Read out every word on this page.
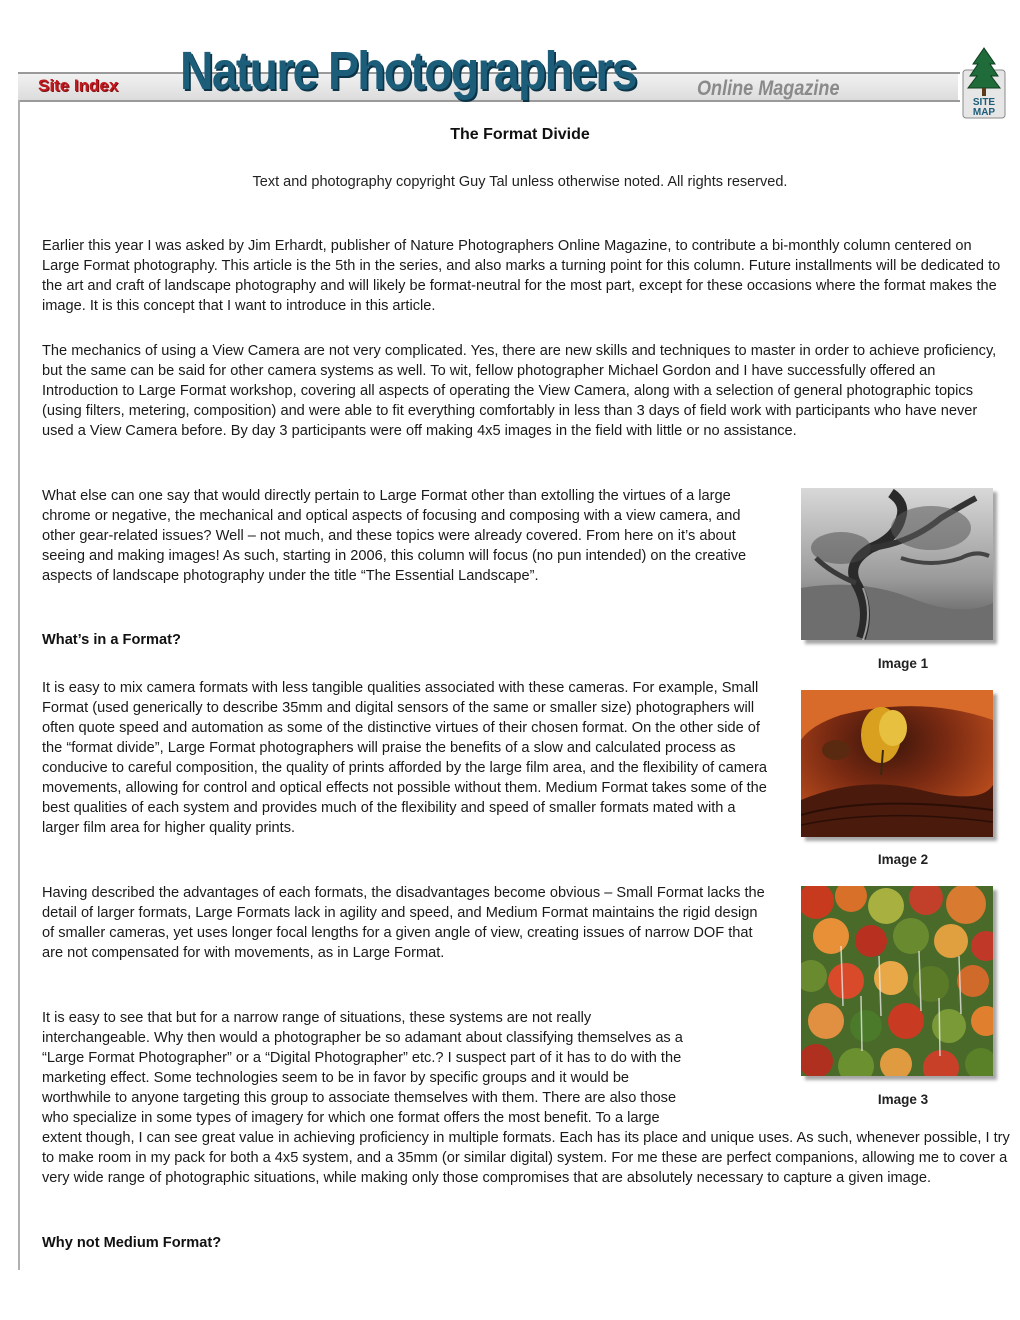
Site Index Nature Photographers	Online Magazine
SITE
MAP
The Format Divide
Text and photography copyright Guy Tal unless otherwise noted. All rights reserved.

Earlier this year I was asked by Jim Erhardt, publisher of Nature Photographers Online Magazine, to contribute a bi-monthly column centered on Large Format photography. This article is the 5th in the series, and also marks a turning point for this column. Future installments will be dedicated to the art and craft of landscape photography and will likely be format-neutral for the most part, except for these occasions where the format makes the image. It is this concept that I want to introduce in this article.

The mechanics of using a View Camera are not very complicated. Yes, there are new skills and techniques to master in order to achieve proficiency, but the same can be said for other camera systems as well. To wit, fellow photographer Michael Gordon and I have successfully offered an Introduction to Large Format workshop, covering all aspects of operating the View Camera, along with a selection of general photographic topics (using filters, metering, composition) and were able to fit everything comfortably in less than 3 days of field work with participants who have never used a View Camera before. By day 3 participants were off making 4x5 images in the field with little or no assistance.

What else can one say that would directly pertain to Large Format other than extolling the virtues of a large chrome or negative, the mechanical and optical aspects of focusing and composing with a view camera, and other gear-related issues? Well – not much, and these topics were already covered. From here on it’s about seeing and making images! As such, starting in 2006, this column will focus (no pun intended) on the creative aspects of landscape photography under the title “The Essential Landscape”.

What’s in a Format?

It is easy to mix camera formats with less tangible qualities associated with these cameras. For example, Small Format (used generically to describe 35mm and digital sensors of the same or smaller size) photographers will often quote speed and automation as some of the distinctive virtues of their chosen format. On the other side of the “format divide”, Large Format photographers will praise the benefits of a slow and calculated process as conducive to careful composition, the quality of prints afforded by the large film area, and the flexibility of camera movements, allowing for control and optical effects not possible without them. Medium Format takes some of the best qualities of each system and provides much of the flexibility and speed of smaller formats mated with a larger film area for higher quality prints.

Having described the advantages of each formats, the disadvantages become obvious – Small Format lacks the detail of larger formats, Large Formats lack in agility and speed, and Medium Format maintains the rigid design of smaller cameras, yet uses longer focal lengths for a given angle of view, creating issues of narrow DOF that are not compensated for with movements, as in Large Format.

It is easy to see that but for a narrow range of situations, these systems are not really
interchangeable. Why then would a photographer be so adamant about classifying themselves as a
“Large Format Photographer” or a “Digital Photographer” etc.? I suspect part of it has to do with the
marketing effect. Some technologies seem to be in favor by specific groups and it would be
worthwhile to anyone targeting this group to associate themselves with them. There are also those
who specialize in some types of imagery for which one format offers the most benefit. To a large
extent though, I can see great value in achieving proficiency in multiple formats. Each has its place and unique uses. As such, whenever possible, I try to make room in my pack for both a 4x5 system, and a 35mm (or similar digital) system. For me these are perfect companions, allowing me to cover a very wide range of photographic situations, while making only those compromises that are absolutely necessary to capture a given image.
Why not Medium Format?
Image 1
Image 2
Image 3
